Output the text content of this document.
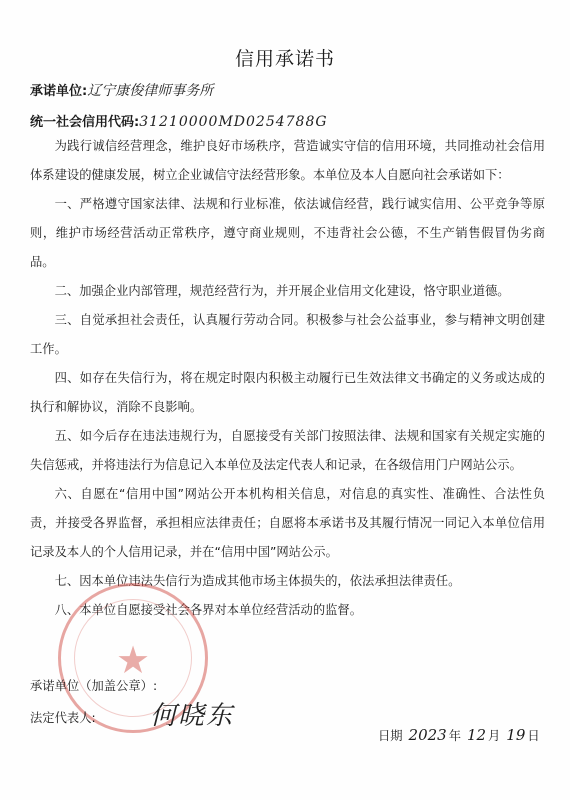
信用承诺书
承诺单位:辽宁康俊律师事务所
统一社会信用代码:31210000MD0254788G

为践行诚信经营理念，维护良好市场秩序，营造诚实守信的信用环境，共同推动社会信用体系建设的健康发展，树立企业诚信守法经营形象。本单位及本人自愿向社会承诺如下：

一、严格遵守国家法律、法规和行业标准，依法诚信经营，践行诚实信用、公平竞争等原则，维护市场经营活动正常秩序，遵守商业规则，不违背社会公德，不生产销售假冒伪劣商品。

二、加强企业内部管理，规范经营行为，并开展企业信用文化建设，恪守职业道德。

三、自觉承担社会责任，认真履行劳动合同。积极参与社会公益事业，参与精神文明创建工作。

四、如存在失信行为，将在规定时限内积极主动履行已生效法律文书确定的义务或达成的执行和解协议，消除不良影响。

五、如今后存在违法违规行为，自愿接受有关部门按照法律、法规和国家有关规定实施的失信惩戒，并将违法行为信息记入本单位及法定代表人和记录，在各级信用门户网站公示。

六、自愿在“信用中国”网站公开本机构相关信息，对信息的真实性、准确性、合法性负责，并接受各界监督，承担相应法律责任；自愿将本承诺书及其履行情况一同记入本单位信用记录及本人的个人信用记录，并在“信用中国”网站公示。

七、因本单位违法失信行为造成其他市场主体损失的，依法承担法律责任。

八、本单位自愿接受社会各界对本单位经营活动的监督。

★
承诺单位（加盖公章）:
法定代表人: 何晓东
日期 2023 年 12 月 19 日
